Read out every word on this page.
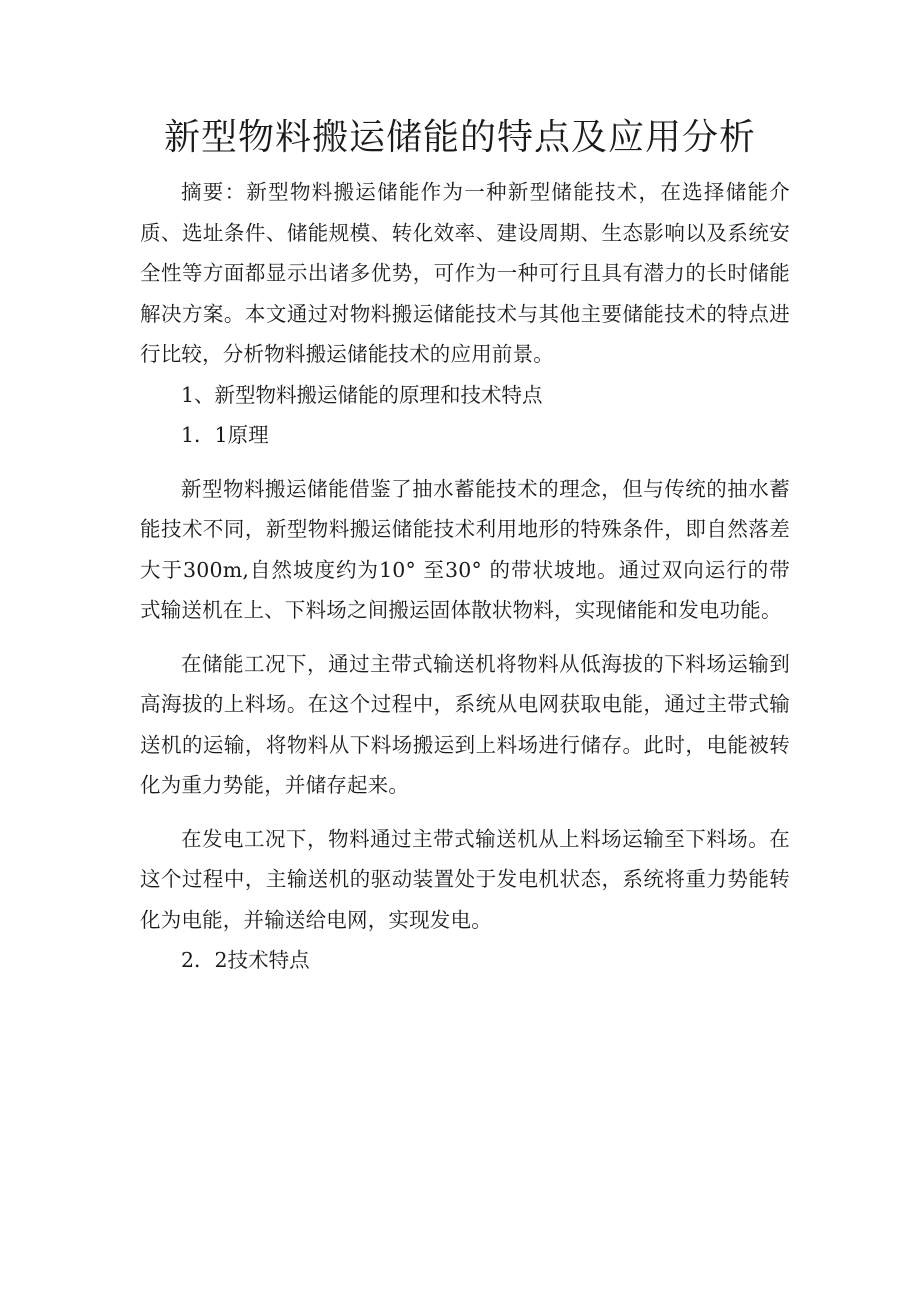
新型物料搬运储能的特点及应用分析

摘要：新型物料搬运储能作为一种新型储能技术，在选择储能介质、选址条件、储能规模、转化效率、建设周期、生态影响以及系统安全性等方面都显示出诸多优势，可作为一种可行且具有潜力的长时储能解决方案。本文通过对物料搬运储能技术与其他主要储能技术的特点进行比较，分析物料搬运储能技术的应用前景。

1、新型物料搬运储能的原理和技术特点

1．1原理

新型物料搬运储能借鉴了抽水蓄能技术的理念，但与传统的抽水蓄能技术不同，新型物料搬运储能技术利用地形的特殊条件，即自然落差大于300m,自然坡度约为10° 至30° 的带状坡地。通过双向运行的带式输送机在上、下料场之间搬运固体散状物料，实现储能和发电功能。

在储能工况下，通过主带式输送机将物料从低海拔的下料场运输到高海拔的上料场。在这个过程中，系统从电网获取电能，通过主带式输送机的运输，将物料从下料场搬运到上料场进行储存。此时，电能被转化为重力势能，并储存起来。

在发电工况下，物料通过主带式输送机从上料场运输至下料场。在这个过程中，主输送机的驱动装置处于发电机状态，系统将重力势能转化为电能，并输送给电网，实现发电。

2．2技术特点
